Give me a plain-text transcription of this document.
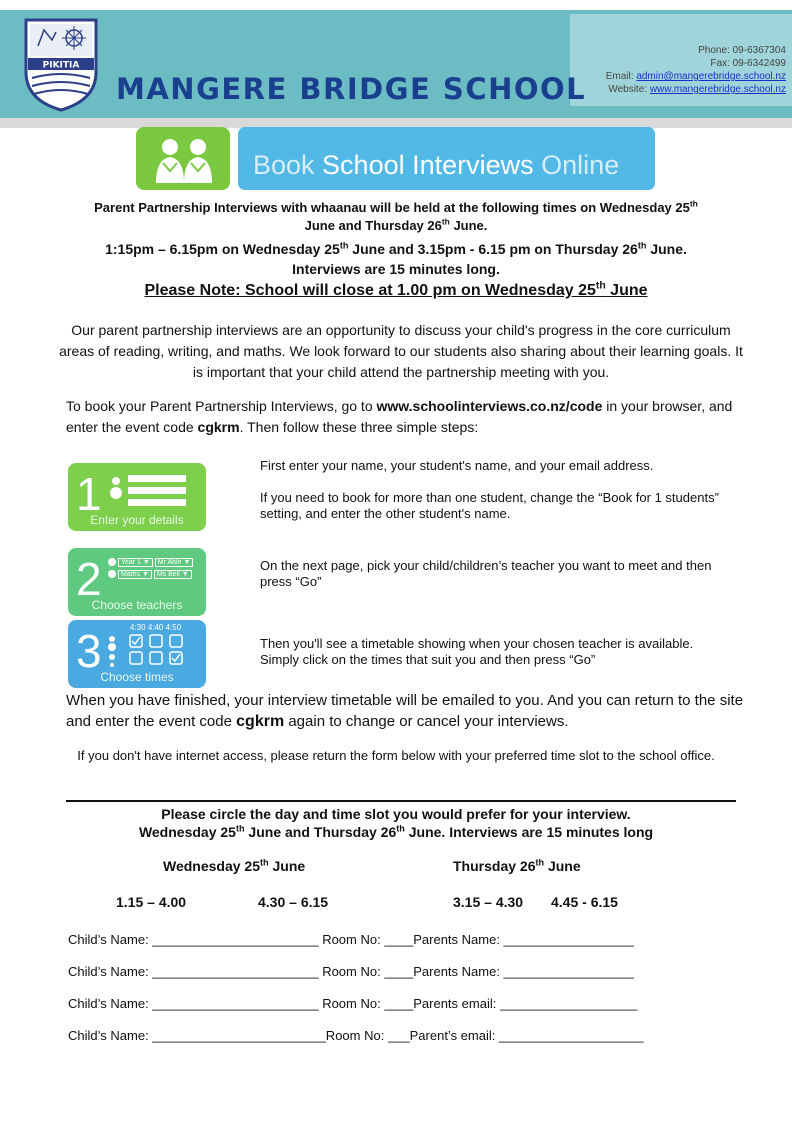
Phone: 09-6367304
Fax: 09-6342499
Email: admin@mangerebridge.school.nz
Website: www.mangerebridge.school.nz
PIKITIA
MANGERE BRIDGE SCHOOL
Book School Interviews Online
Parent Partnership Interviews with whaanau will be held at the following times on Wednesday 25th
June and Thursday 26th June.
1:15pm – 6.15pm on Wednesday 25th June and 3.15pm - 6.15 pm on Thursday 26th June.
Interviews are 15 minutes long.
Please Note: School will close at 1.00 pm on Wednesday 25th June
Our parent partnership interviews are an opportunity to discuss your child's progress in the core curriculum areas of reading, writing, and maths. We look forward to our students also sharing about their learning goals. It is important that your child attend the partnership meeting with you.
To book your Parent Partnership Interviews, go to www.schoolinterviews.co.nz/code in your browser, and enter the event code cgkrm. Then follow these three simple steps:
1
Enter your details
First enter your name, your student's name, and your email address.
If you need to book for more than one student, change the “Book for 1 students” setting, and enter the other student's name.
2	Year 1 ▼ Mr Able ▼
Maths ▼ Ms Bell ▼
Choose teachers
On the next page, pick your child/children’s teacher you want to meet and then press “Go”
3	4:30 4:40 4:50
Choose times
Then you'll see a timetable showing when your chosen teacher is available. Simply click on the times that suit you and then press “Go”
When you have finished, your interview timetable will be emailed to you. And you can return to the site and enter the event code cgkrm again to change or cancel your interviews.
If you don't have internet access, please return the form below with your preferred time slot to the school office.
Please circle the day and time slot you would prefer for your interview.
Wednesday 25th June and Thursday 26th June. Interviews are 15 minutes long
Wednesday 25th June	Thursday 26th June
1.15 – 4.00	4.30 – 6.15	3.15 – 4.30 4.45 - 6.15
Child’s Name: _______________________ Room No: ____Parents Name: __________________
Child’s Name: _______________________ Room No: ____Parents Name: __________________
Child’s Name: _______________________ Room No: ____Parents email: ___________________
Child’s Name: ________________________Room No: ___Parent’s email: ____________________
